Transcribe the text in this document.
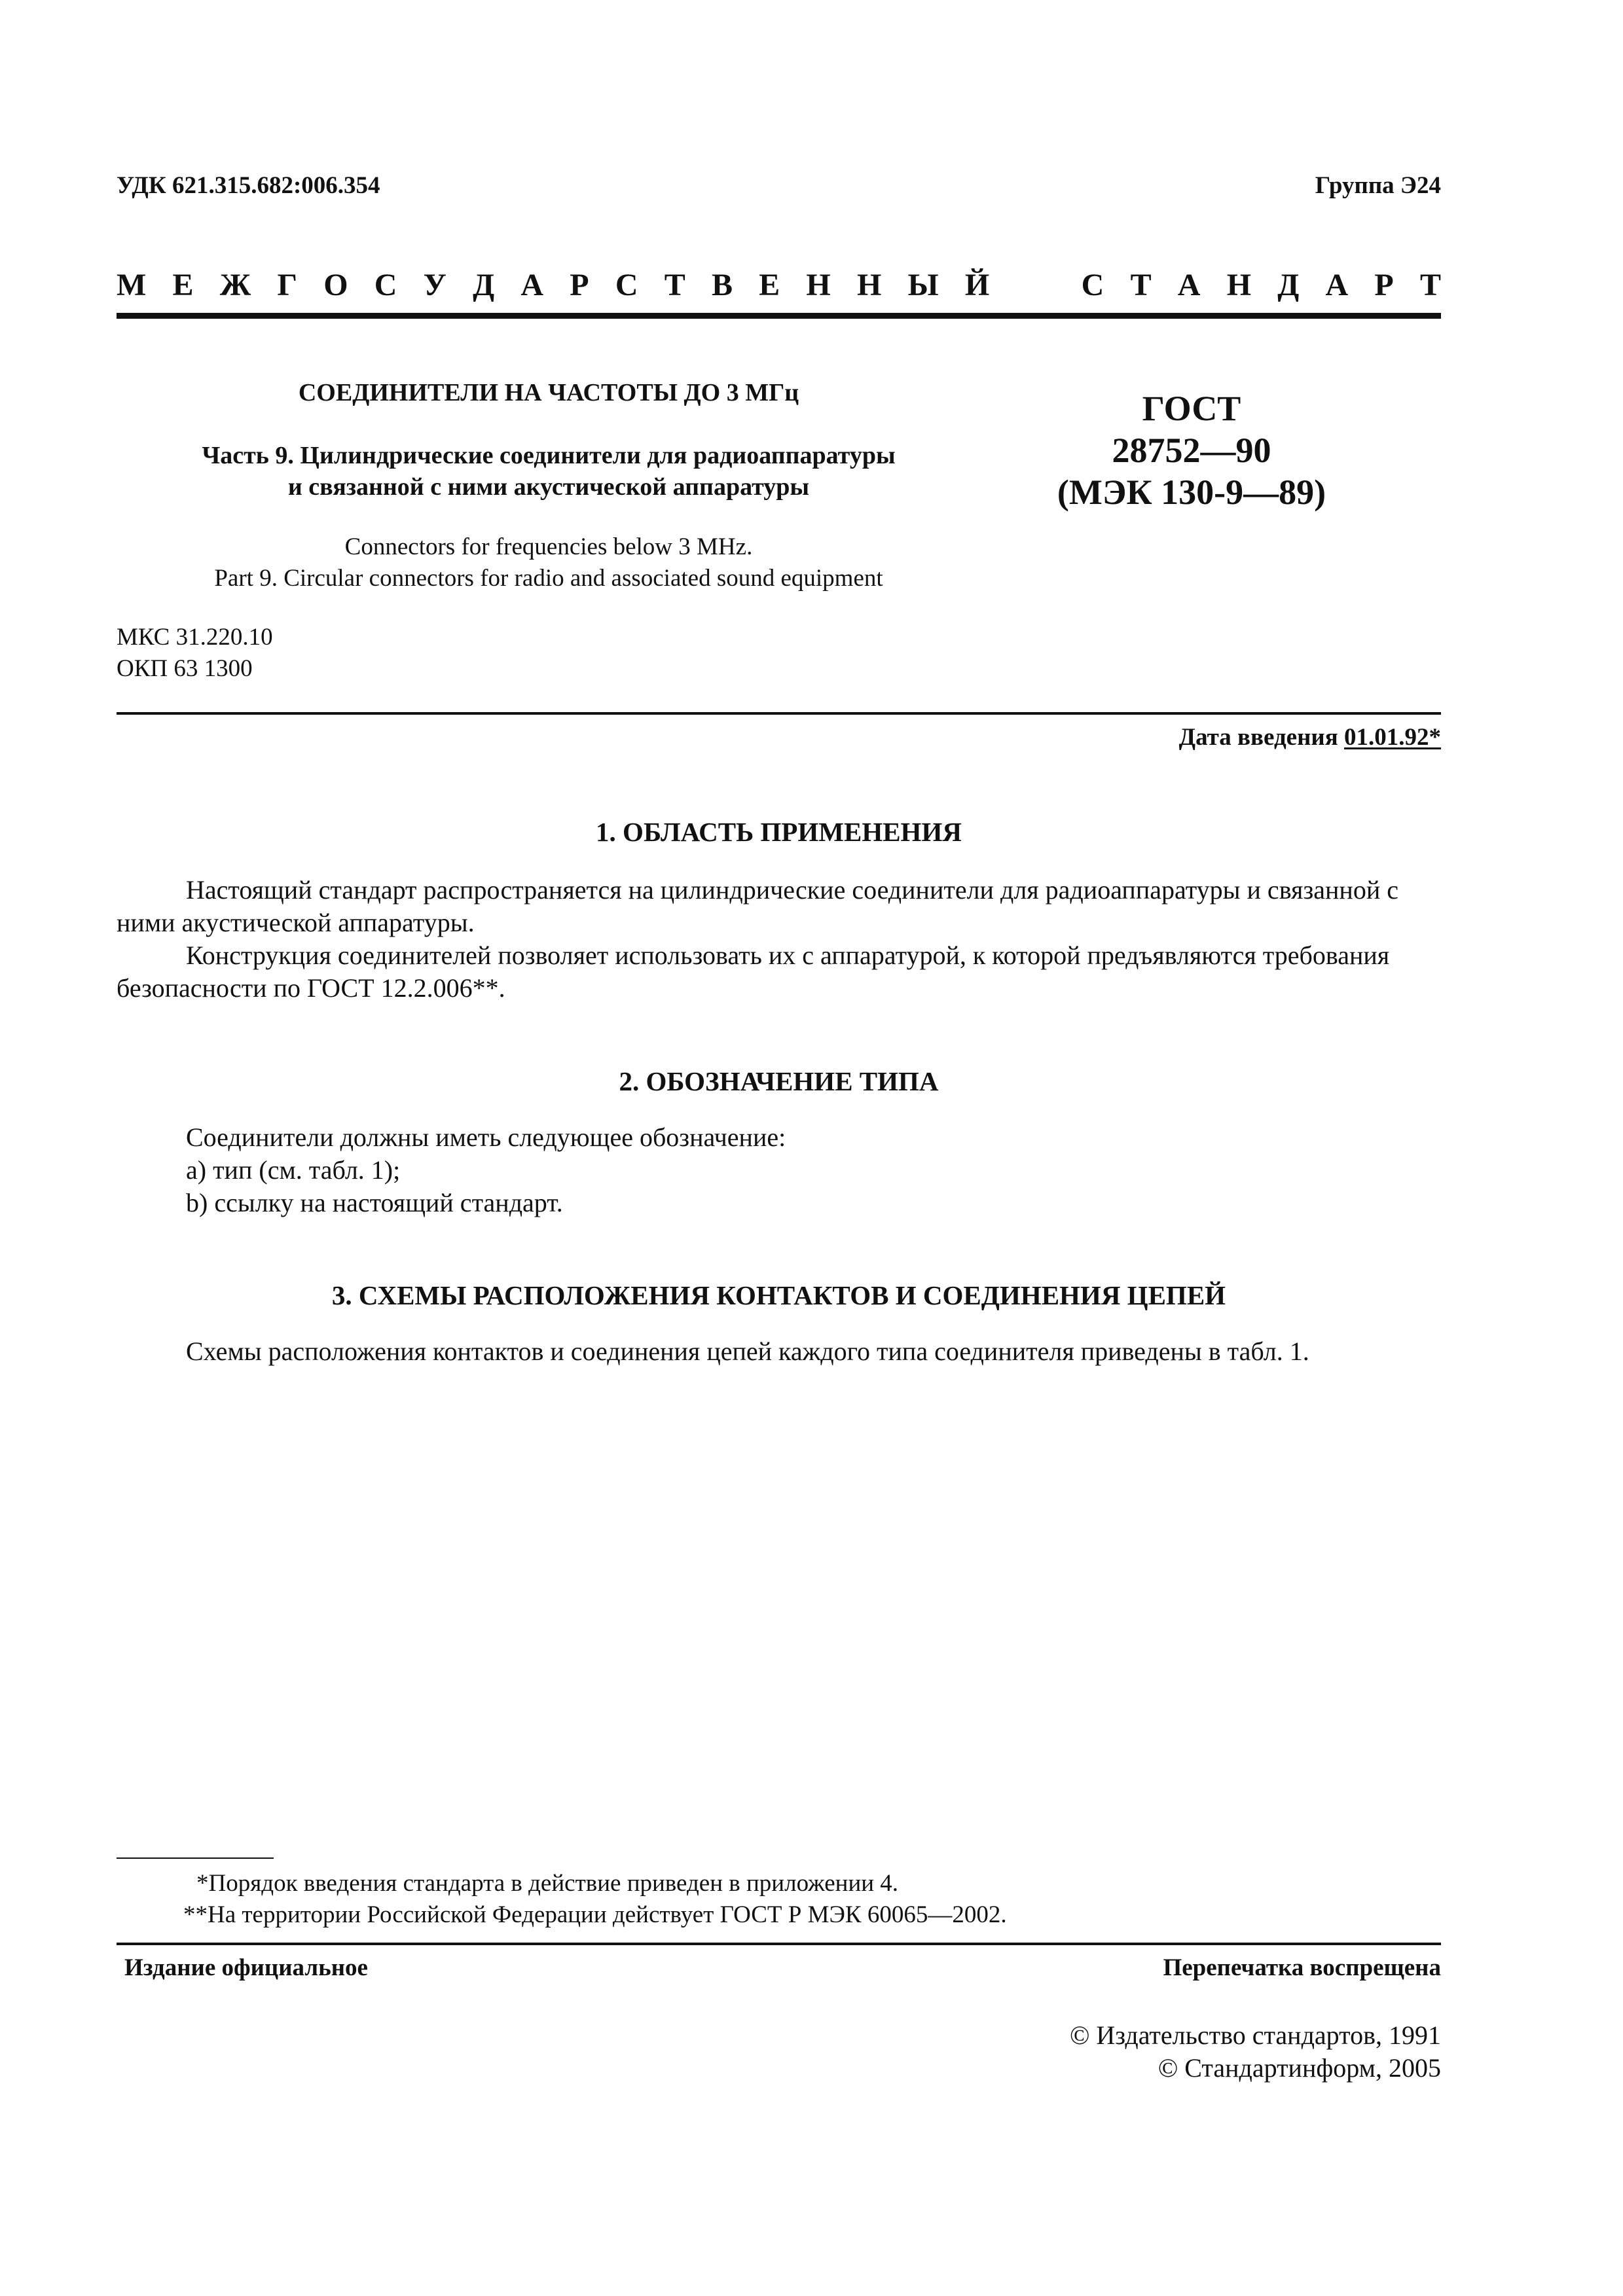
УДК 621.315.682:006.354	Группа Э24
М Е Ж Г О С У Д А Р С Т В Е Н Н Ы Й	С Т А Н Д А Р Т
СОЕДИНИТЕЛИ НА ЧАСТОТЫ ДО 3 МГц
Часть 9. Цилиндрические соединители для радиоаппаратуры
и связанной с ними акустической аппаратуры
Connectors for frequencies below 3 MHz.
Part 9. Circular connectors for radio and associated sound equipment
ГОСТ
28752—90
(МЭК 130-9—89)
МКС 31.220.10
ОКП 63 1300
Дата введения 01.01.92*
1. ОБЛАСТЬ ПРИМЕНЕНИЯ
Настоящий стандарт распространяется на цилиндрические соединители для радиоаппаратуры и связанной с ними акустической аппаратуры.
Конструкция соединителей позволяет использовать их с аппаратурой, к которой предъявляются требования безопасности по ГОСТ 12.2.006**.
2. ОБОЗНАЧЕНИЕ ТИПА
Соединители должны иметь следующее обозначение:
a) тип (см. табл. 1);
b) ссылку на настоящий стандарт.
3. СХЕМЫ РАСПОЛОЖЕНИЯ КОНТАКТОВ И СОЕДИНЕНИЯ ЦЕПЕЙ
Схемы расположения контактов и соединения цепей каждого типа соединителя приведены в табл. 1.
*Порядок введения стандарта в действие приведен в приложении 4.
**На территории Российской Федерации действует ГОСТ Р МЭК 60065—2002.
Издание официальное	Перепечатка воспрещена
© Издательство стандартов, 1991
© Стандартинформ, 2005
